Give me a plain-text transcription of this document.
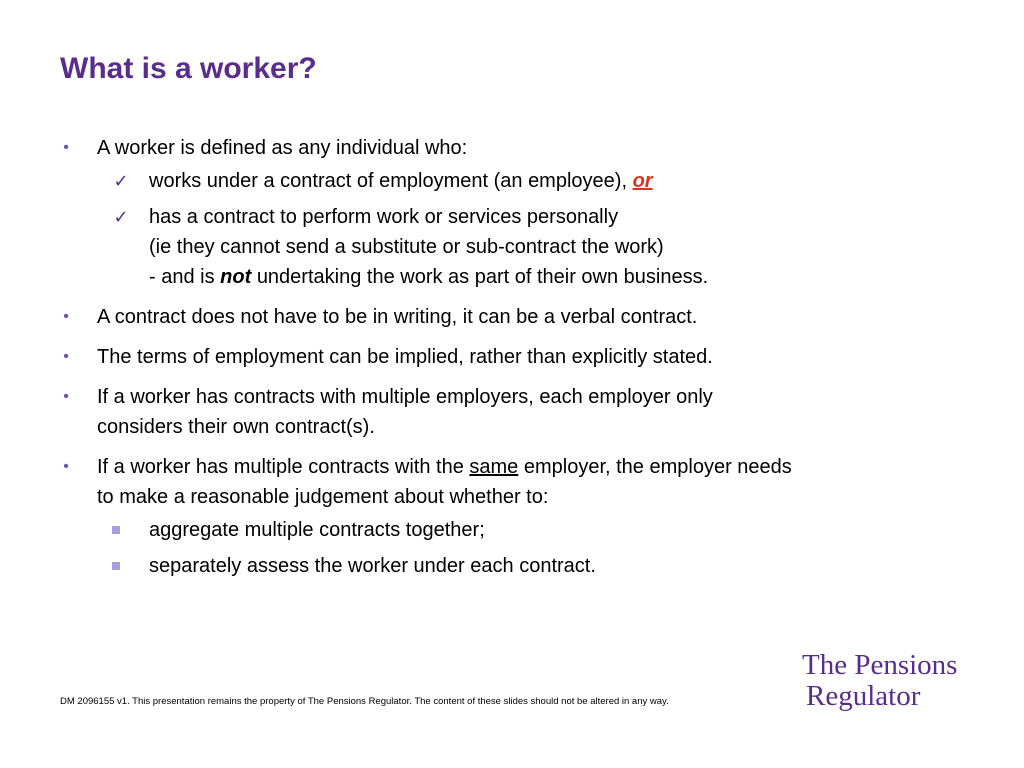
What is a worker?
•	A worker is defined as any individual who:
✓ works under a contract of employment (an employee), or
✓ has a contract to perform work or services personally
(ie they cannot send a substitute or sub-contract the work)
- and is not undertaking the work as part of their own business.
•	A contract does not have to be in writing, it can be a verbal contract.
•	The terms of employment can be implied, rather than explicitly stated.
•	If a worker has contracts with multiple employers, each employer only
considers their own contract(s).
•	If a worker has multiple contracts with the same employer, the employer needs
to make a reasonable judgement about whether to:
aggregate multiple contracts together;
separately assess the worker under each contract.
DM 2096155 v1. This presentation remains the property of The Pensions Regulator. The content of these slides should not be altered in any way.
The Pensions
Regulator
